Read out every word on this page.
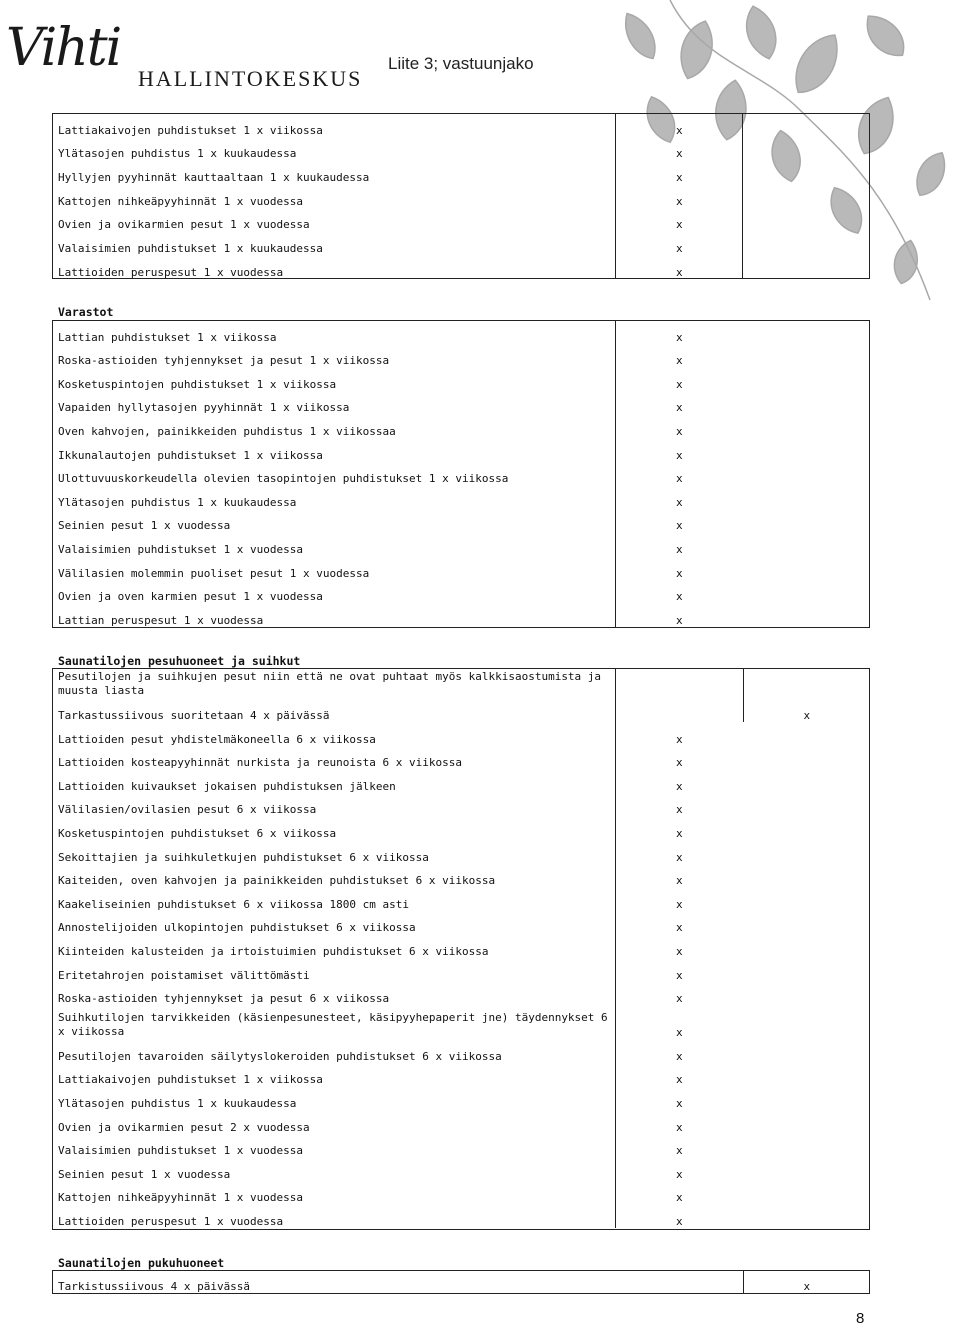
Vihti
HALLINTOKESKUS
Liite 3; vastuunjako
Lattiakaivojen puhdistukset 1 x viikossa	x	
Ylätasojen puhdistus 1 x kuukaudessa	x	
Hyllyjen pyyhinnät kauttaaltaan 1 x kuukaudessa	x	
Kattojen nihkeäpyyhinnät 1 x vuodessa	x	
Ovien ja ovikarmien pesut 1 x vuodessa	x	
Valaisimien puhdistukset 1 x kuukaudessa	x	
Lattioiden peruspesut 1 x vuodessa	x	
Varastot
Lattian puhdistukset 1 x viikossa	x	
Roska-astioiden tyhjennykset ja pesut 1 x viikossa	x	
Kosketuspintojen puhdistukset 1 x viikossa	x	
Vapaiden hyllytasojen pyyhinnät 1 x viikossa	x	
Oven kahvojen, painikkeiden puhdistus 1 x viikossaa	x	
Ikkunalautojen puhdistukset 1 x viikossa	x	
Ulottuvuuskorkeudella olevien tasopintojen puhdistukset 1 x viikossa	x	
Ylätasojen puhdistus 1 x kuukaudessa	x	
Seinien pesut 1 x vuodessa	x	
Valaisimien puhdistukset 1 x vuodessa	x	
Välilasien molemmin puoliset pesut 1 x vuodessa	x	
Ovien ja oven karmien pesut 1 x vuodessa	x	
Lattian peruspesut 1 x vuodessa	x	
Saunatilojen pesuhuoneet ja suihkut
Pesutilojen ja suihkujen pesut niin että ne ovat puhtaat myös kalkkisaostumista ja muusta liasta		
Tarkastussiivous suoritetaan 4 x päivässä		x
Lattioiden pesut yhdistelmäkoneella 6 x viikossa	x	
Lattioiden kosteapyyhinnät nurkista ja reunoista 6 x viikossa	x	
Lattioiden kuivaukset jokaisen puhdistuksen jälkeen	x	
Välilasien/ovilasien pesut 6 x viikossa	x	
Kosketuspintojen puhdistukset 6 x viikossa	x	
Sekoittajien ja suihkuletkujen puhdistukset 6 x viikossa	x	
Kaiteiden, oven kahvojen ja painikkeiden puhdistukset 6 x viikossa	x	
Kaakeliseinien puhdistukset 6 x viikossa 1800 cm asti	x	
Annostelijoiden ulkopintojen puhdistukset 6 x viikossa	x	
Kiinteiden kalusteiden ja irtoistuimien puhdistukset 6 x viikossa	x	
Eritetahrojen poistamiset välittömästi	x	
Roska-astioiden tyhjennykset ja pesut 6 x viikossa	x	
Suihkutilojen tarvikkeiden (käsienpesunesteet, käsipyyhepaperit jne) täydennykset 6 x viikossa	x	
Pesutilojen tavaroiden säilytyslokeroiden puhdistukset 6 x viikossa	x	
Lattiakaivojen puhdistukset 1 x viikossa	x	
Ylätasojen puhdistus 1 x kuukaudessa	x	
Ovien ja ovikarmien pesut 2 x vuodessa	x	
Valaisimien puhdistukset 1 x vuodessa	x	
Seinien pesut 1 x vuodessa	x	
Kattojen nihkeäpyyhinnät 1 x vuodessa	x	
Lattioiden peruspesut 1 x vuodessa	x	
Saunatilojen pukuhuoneet
Tarkistussiivous 4 x päivässä	x
8
